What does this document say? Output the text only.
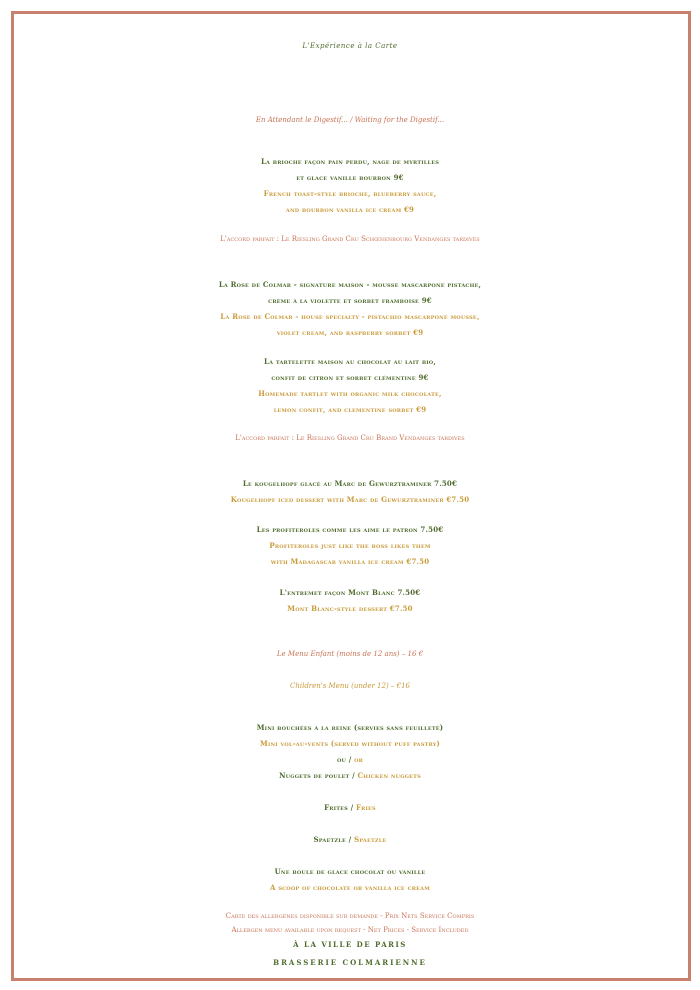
L'Expérience à la Carte
En Attendant le Digestif... / Waiting for the Digestif...
La brioche façon pain perdu, nage de myrtilles
et glace vanille bourbon 9€
French toast-style brioche, blueberry sauce,
and bourbon vanilla ice cream €9
L'accord parfait : Le Riesling Grand Cru Schœnenbourg Vendanges tardives
La Rose de Colmar - signature maison - mousse mascarpone pistache,
crème à la violette et sorbet framboise 9€
La Rose de Colmar - house specialty - pistachio mascarpone mousse,
violet cream, and raspberry sorbet €9
La tartelette maison au chocolat au lait bio,
confit de citron et sorbet clémentine 9€
Homemade tartlet with organic milk chocolate,
lemon confit, and clementine sorbet €9
L'accord parfait : Le Riesling Grand Cru Brand Vendanges tardives
Le kougelhopf glacé au Marc de Gewurztraminer 7.50€
Kougelhopf iced dessert with Marc de Gewurztraminer €7.50
Les profiteroles comme les aime le patron 7.50€
Profiteroles just like the boss likes them
with Madagascar vanilla ice cream €7.50
L'entremet façon Mont Blanc 7.50€
Mont Blanc-style dessert €7.50
Le Menu Enfant (moins de 12 ans) – 16 €
Children's Menu (under 12) – €16
Mini bouchées à la reine (servies sans feuilleté)
Mini vol-au-vents (served without puff pastry)
ou / or
Nuggets de poulet / Chicken nuggets
Frites / Fries
Spaetzle / Spaetzle
Une boule de glace chocolat ou vanille
A scoop of chocolate or vanilla ice cream
Carte des allergènes disponible sur demande - Prix Nets Service Compris
Allergen menu available upon request - Net Prices - Service Included
À LA VILLE DE PARIS
BRASSERIE COLMARIENNE
